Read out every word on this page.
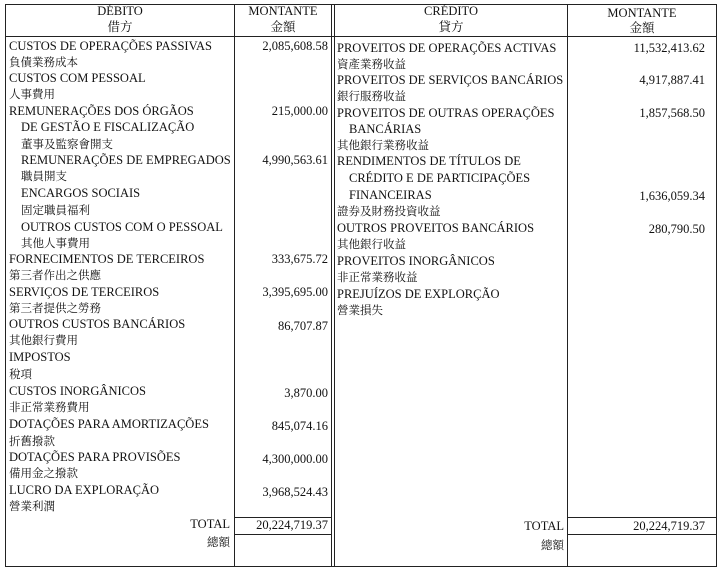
DÉBITO
借方
MONTANTE
金額
CRÉDITO
貸方
MONTANTE
金額
CUSTOS DE OPERAÇÕES PASSIVAS	2,085,608.58
負債業務成本
CUSTOS COM PESSOAL
人事費用
REMUNERAÇÕES DOS ÓRGÃOS	215,000.00
DE GESTÃO E FISCALIZAÇÃO
董事及監察會開支
REMUNERAÇÕES DE EMPREGADOS	4,990,563.61
職員開支
ENCARGOS SOCIAIS
固定職員福利
OUTROS CUSTOS COM O PESSOAL
其他人事費用
FORNECIMENTOS DE TERCEIROS	333,675.72
第三者作出之供應
SERVIÇOS DE TERCEIROS	3,395,695.00
第三者提供之勞務
OUTROS CUSTOS BANCÁRIOS	86,707.87
其他銀行費用
IMPOSTOS
稅項
CUSTOS INORGÂNICOS	3,870.00
非正常業務費用
DOTAÇÕES PARA AMORTIZAÇÕES	845,074.16
折舊撥款
DOTAÇÕES PARA PROVISÕES	4,300,000.00
備用金之撥款
LUCRO DA EXPLORAÇÃO	3,968,524.43
營業利潤
TOTAL	20,224,719.37
總額
PROVEITOS DE OPERAÇÕES ACTIVAS	11,532,413.62
資產業務收益
PROVEITOS DE SERVIÇOS BANCÁRIOS	4,917,887.41
銀行服務收益
PROVEITOS DE OUTRAS OPERAÇÕES	1,857,568.50
BANCÁRIAS
其他銀行業務收益
RENDIMENTOS DE TÍTULOS DE
CRÉDITO E DE PARTICIPAÇÕES
FINANCEIRAS	1,636,059.34
證券及財務投資收益
OUTROS PROVEITOS BANCÁRIOS	280,790.50
其他銀行收益
PROVEITOS INORGÂNICOS
非正常業務收益
PREJUÍZOS DE EXPLORÇÃO
營業損失
TOTAL	20,224,719.37
總額
